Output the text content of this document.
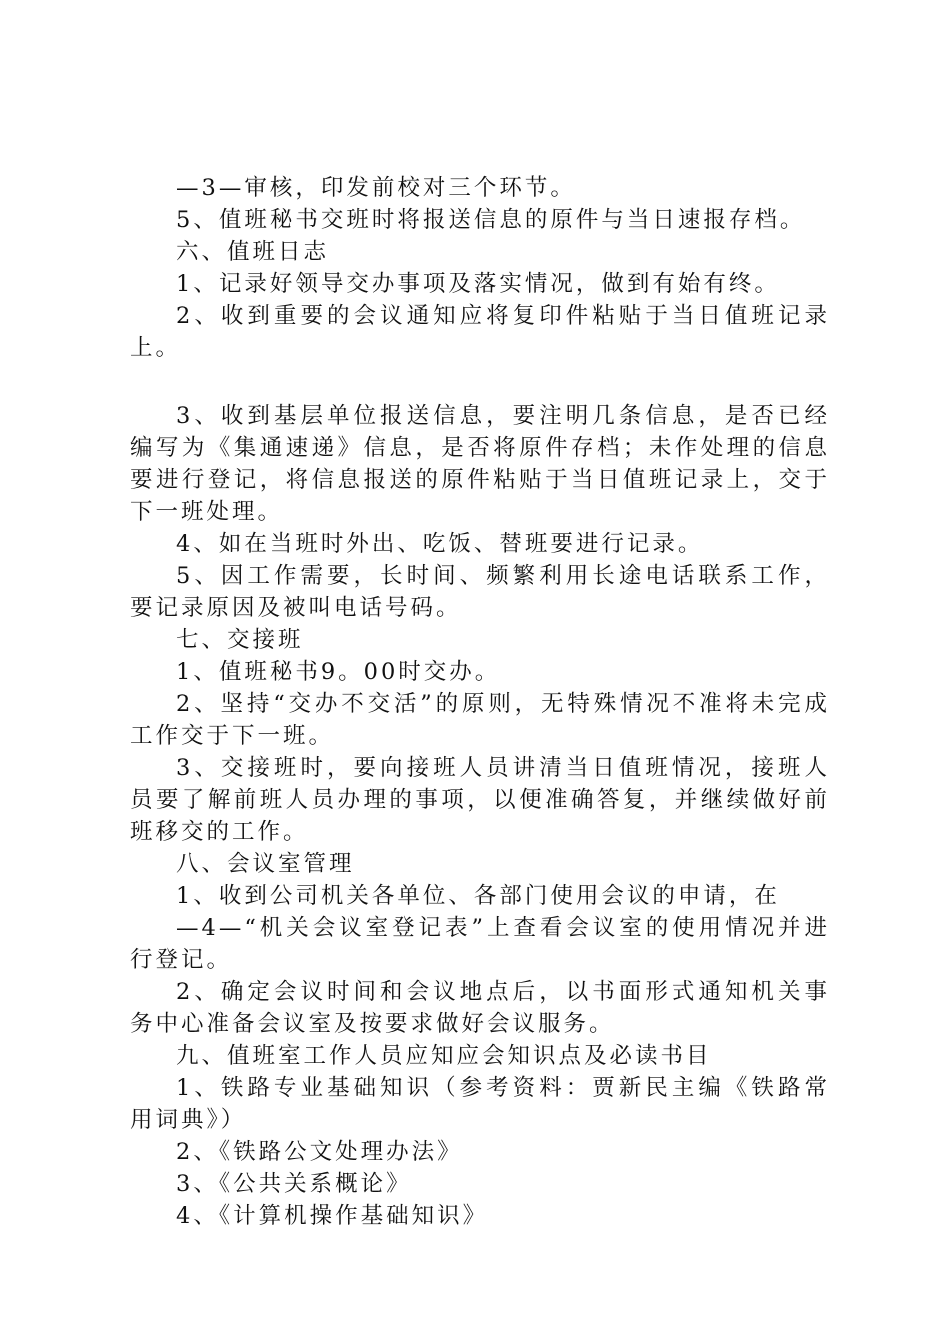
—3—审核，印发前校对三个环节。

5、值班秘书交班时将报送信息的原件与当日速报存档。

六、值班日志

1、记录好领导交办事项及落实情况，做到有始有终。

2、收到重要的会议通知应将复印件粘贴于当日值班记录上。

3、收到基层单位报送信息，要注明几条信息，是否已经编写为《集通速递》信息，是否将原件存档；未作处理的信息要进行登记，将信息报送的原件粘贴于当日值班记录上，交于下一班处理。

4、如在当班时外出、吃饭、替班要进行记录。

5、因工作需要，长时间、频繁利用长途电话联系工作，要记录原因及被叫电话号码。

七、交接班

1、值班秘书9。00时交办。

2、坚持“交办不交活”的原则，无特殊情况不准将未完成工作交于下一班。

3、交接班时，要向接班人员讲清当日值班情况，接班人员要了解前班人员办理的事项，以便准确答复，并继续做好前班移交的工作。

八、会议室管理

1、收到公司机关各单位、各部门使用会议的申请，在

—4—“机关会议室登记表”上查看会议室的使用情况并进行登记。

2、确定会议时间和会议地点后，以书面形式通知机关事务中心准备会议室及按要求做好会议服务。

九、值班室工作人员应知应会知识点及必读书目

1、铁路专业基础知识（参考资料：贾新民主编《铁路常用词典》）

2、《铁路公文处理办法》

3、《公共关系概论》

4、《计算机操作基础知识》
